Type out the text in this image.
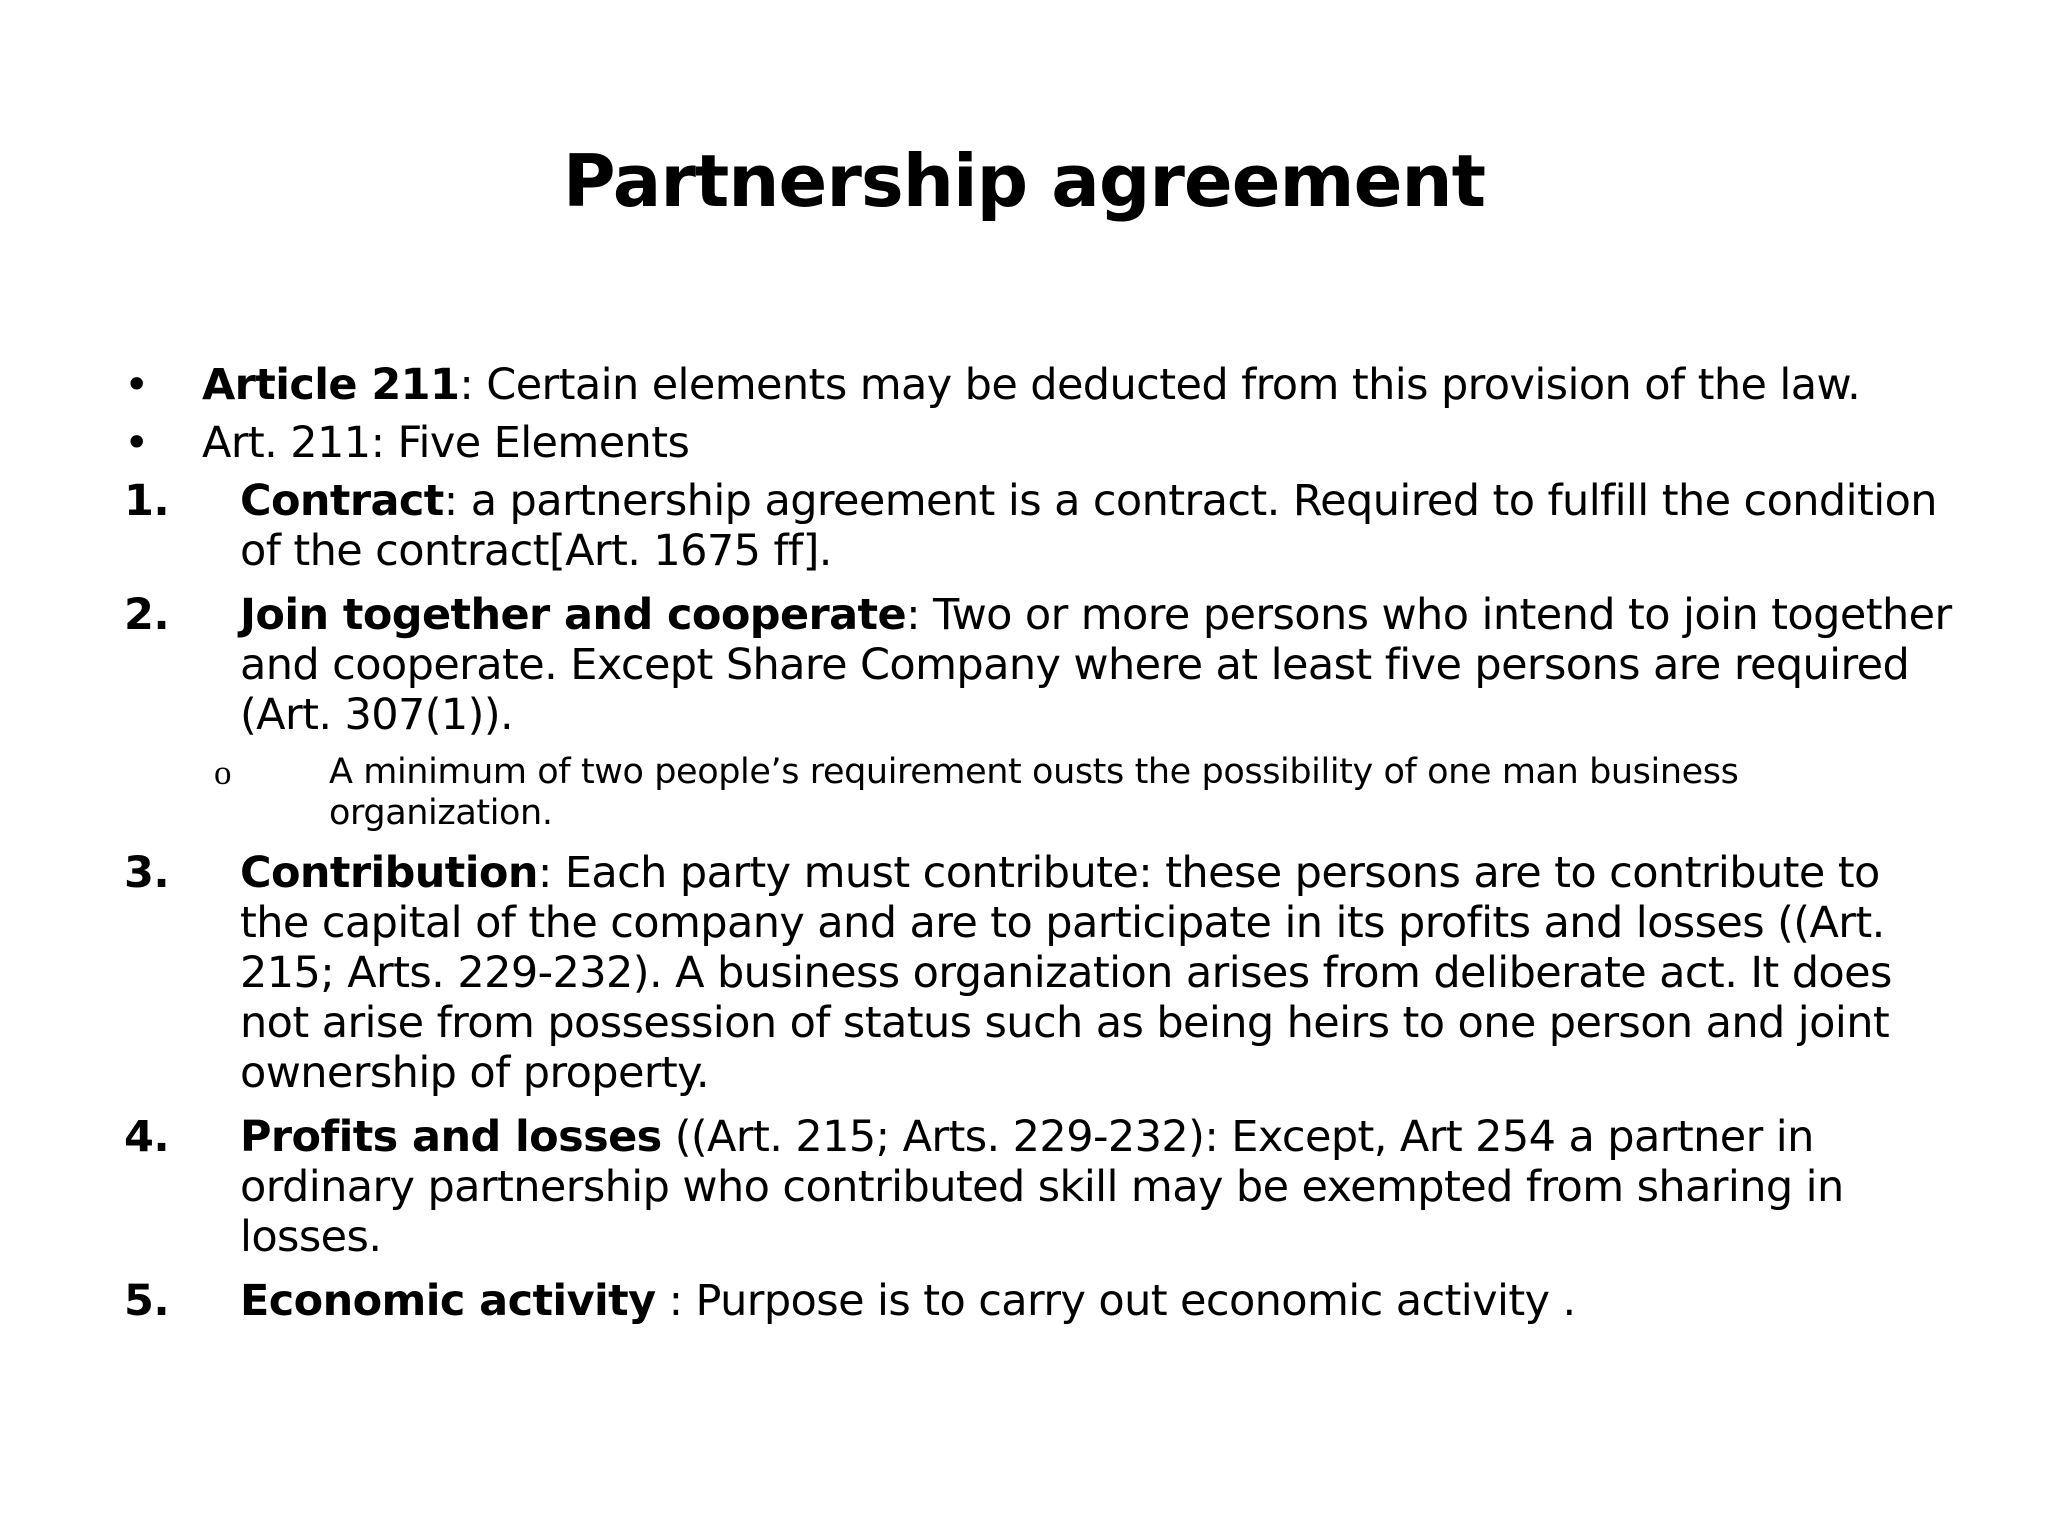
Partnership agreement
• Article 211: Certain elements may be deducted from this provision of the law.
• Art. 211: Five Elements
1. Contract: a partnership agreement is a contract. Required to fulfill the condition of the contract[Art. 1675 ff].
2. Join together and cooperate: Two or more persons who intend to join together and cooperate. Except Share Company where at least five persons are required (Art. 307(1)).
o	A minimum of two people’s requirement ousts the possibility of one man business organization.
3. Contribution: Each party must contribute: these persons are to contribute to the capital of the company and are to participate in its profits and losses ((Art. 215; Arts. 229-232). A business organization arises from deliberate act. It does not arise from possession of status such as being heirs to one person and joint ownership of property.
4. Profits and losses ((Art. 215; Arts. 229-232): Except, Art 254 a partner in ordinary partnership who contributed skill may be exempted from sharing in losses.
5. Economic activity : Purpose is to carry out economic activity .
